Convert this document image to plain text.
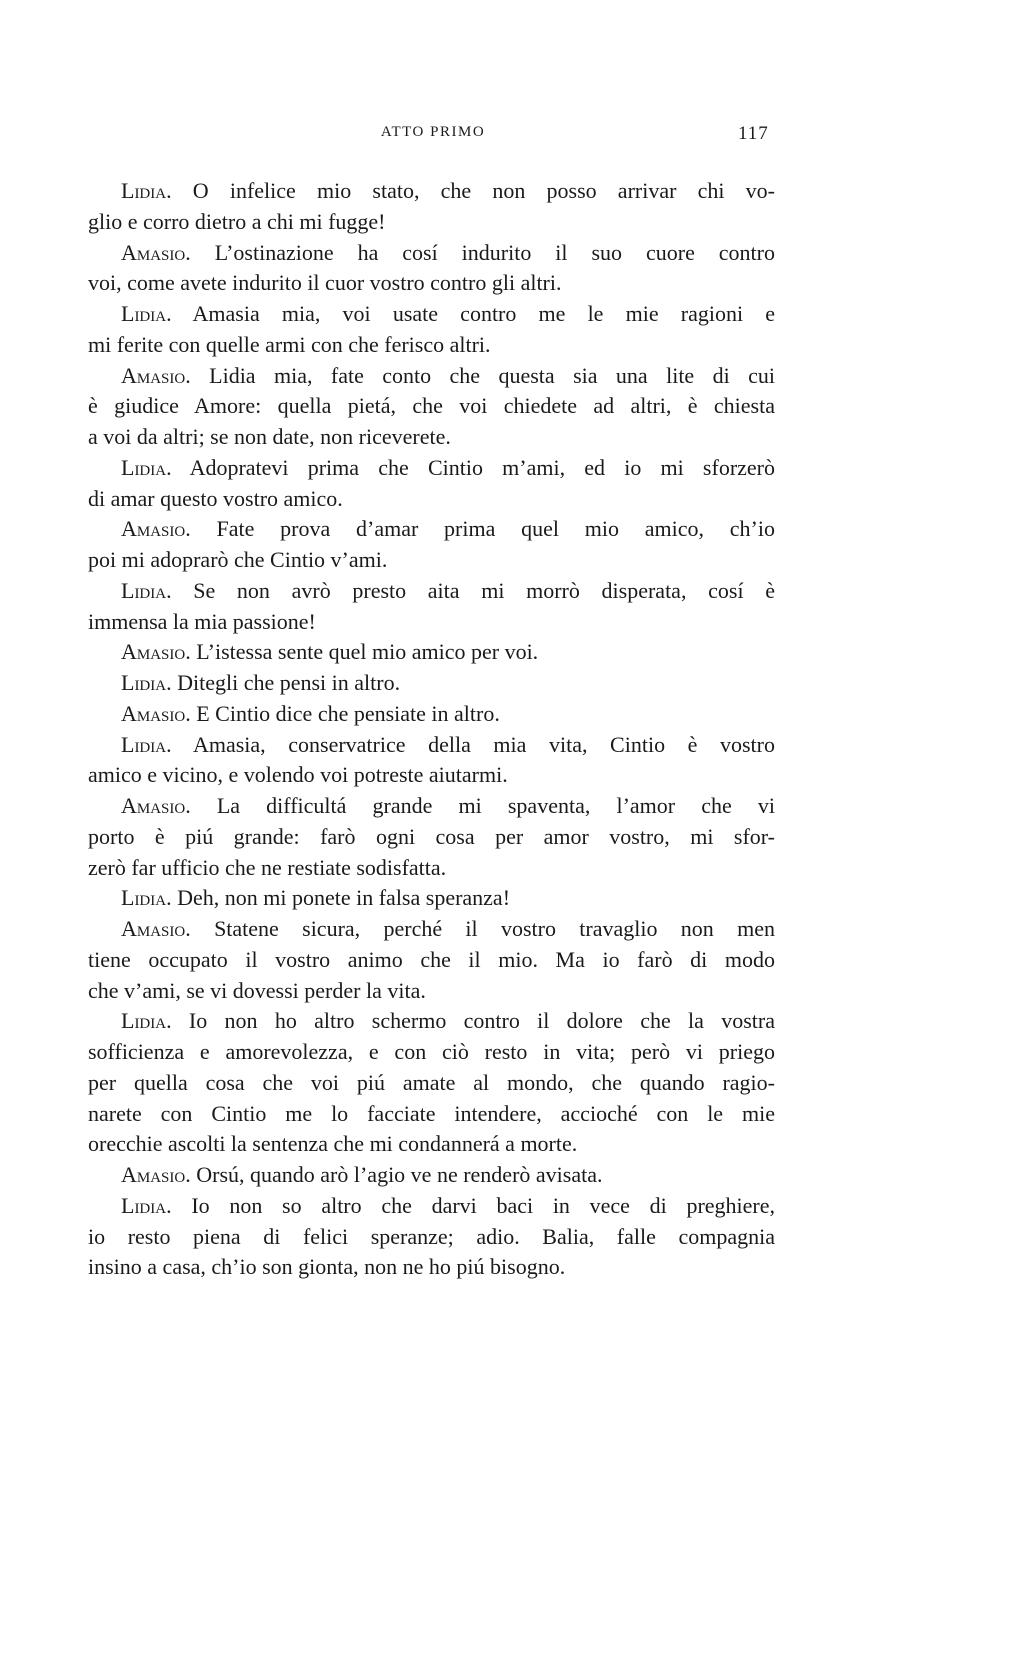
ATTO PRIMO	117
Lidia. O infelice mio stato, che non posso arrivar chi vo-
glio e corro dietro a chi mi fugge!
Amasio. L’ostinazione ha cosí indurito il suo cuore contro
voi, come avete indurito il cuor vostro contro gli altri.
Lidia. Amasia mia, voi usate contro me le mie ragioni e
mi ferite con quelle armi con che ferisco altri.
Amasio. Lidia mia, fate conto che questa sia una lite di cui
è giudice Amore: quella pietá, che voi chiedete ad altri, è chiesta
a voi da altri; se non date, non riceverete.
Lidia. Adopratevi prima che Cintio m’ami, ed io mi sforzerò
di amar questo vostro amico.
Amasio. Fate prova d’amar prima quel mio amico, ch’io
poi mi adoprarò che Cintio v’ami.
Lidia. Se non avrò presto aita mi morrò disperata, cosí è
immensa la mia passione!
Amasio. L’istessa sente quel mio amico per voi.
Lidia. Ditegli che pensi in altro.
Amasio. E Cintio dice che pensiate in altro.
Lidia. Amasia, conservatrice della mia vita, Cintio è vostro
amico e vicino, e volendo voi potreste aiutarmi.
Amasio. La difficultá grande mi spaventa, l’amor che vi
porto è piú grande: farò ogni cosa per amor vostro, mi sfor-
zerò far ufficio che ne restiate sodisfatta.
Lidia. Deh, non mi ponete in falsa speranza!
Amasio. Statene sicura, perché il vostro travaglio non men
tiene occupato il vostro animo che il mio. Ma io farò di modo
che v’ami, se vi dovessi perder la vita.
Lidia. Io non ho altro schermo contro il dolore che la vostra
sofficienza e amorevolezza, e con ciò resto in vita; però vi priego
per quella cosa che voi piú amate al mondo, che quando ragio-
narete con Cintio me lo facciate intendere, accioché con le mie
orecchie ascolti la sentenza che mi condannerá a morte.
Amasio. Orsú, quando arò l’agio ve ne renderò avisata.
Lidia. Io non so altro che darvi baci in vece di preghiere,
io resto piena di felici speranze; adio. Balia, falle compagnia
insino a casa, ch’io son gionta, non ne ho piú bisogno.
